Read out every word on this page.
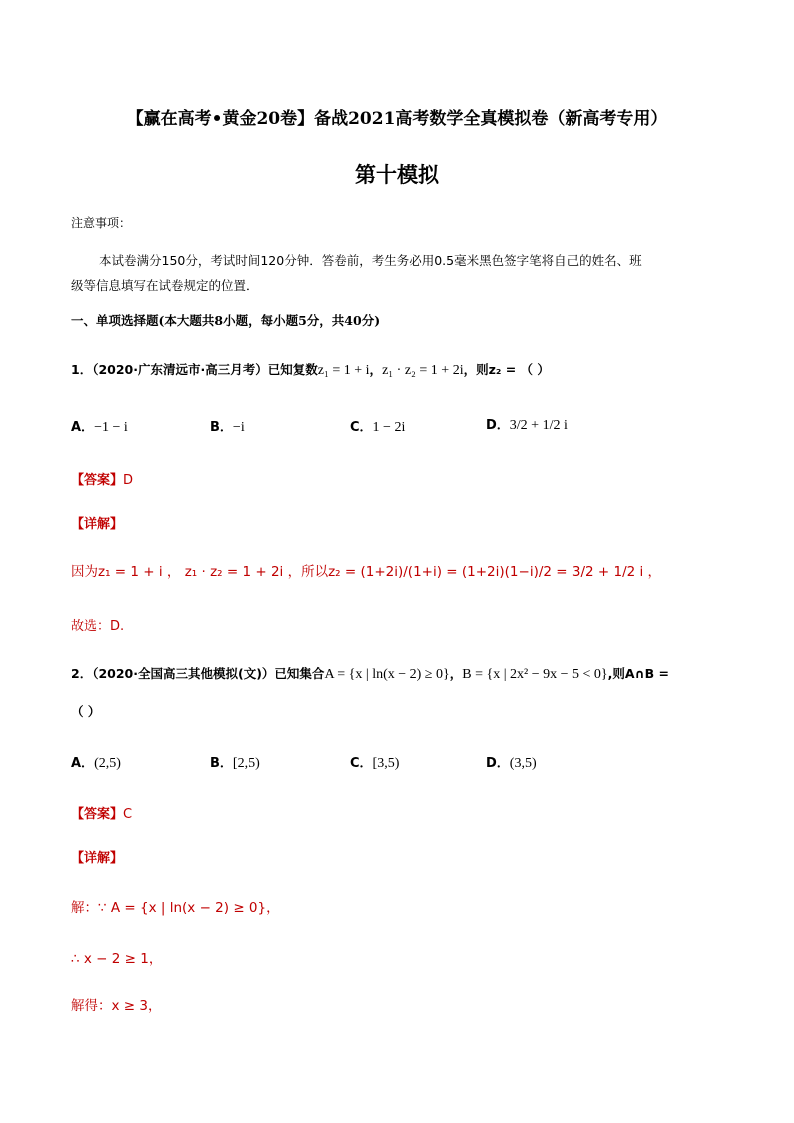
【赢在高考•黄金20卷】备战2021高考数学全真模拟卷（新高考专用）
第十模拟
注意事项：
本试卷满分150分，考试时间120分钟．答卷前，考生务必用0.5毫米黑色签字笔将自己的姓名、班
级等信息填写在试卷规定的位置．
一、单项选择题(本大题共8小题，每小题5分，共40分)
1．（2020·广东清远市·高三月考）已知复数z₁ = 1 + i，z₁ · z₂ = 1 + 2i，则z₂ = （ ）
A．−1 − i	B．−i	C．1 − 2i	D．3/2 + 1/2 i
【答案】D
【详解】
因为z₁ = 1 + i ， z₁ · z₂ = 1 + 2i ，所以z₂ = (1+2i)/(1+i) = (1+2i)(1−i)/2 = 3/2 + 1/2 i ，
故选：D.
2．（2020·全国高三其他模拟(文)）已知集合A = {x | ln(x − 2) ≥ 0}，B = {x | 2x² − 9x − 5 < 0},则A∩B =
（ ）
A．(2,5)	B．[2,5)	C．[3,5)	D．(3,5)
【答案】C
【详解】
解：∵ A = {x | ln(x − 2) ≥ 0}，
∴ x − 2 ≥ 1，
解得：x ≥ 3，
